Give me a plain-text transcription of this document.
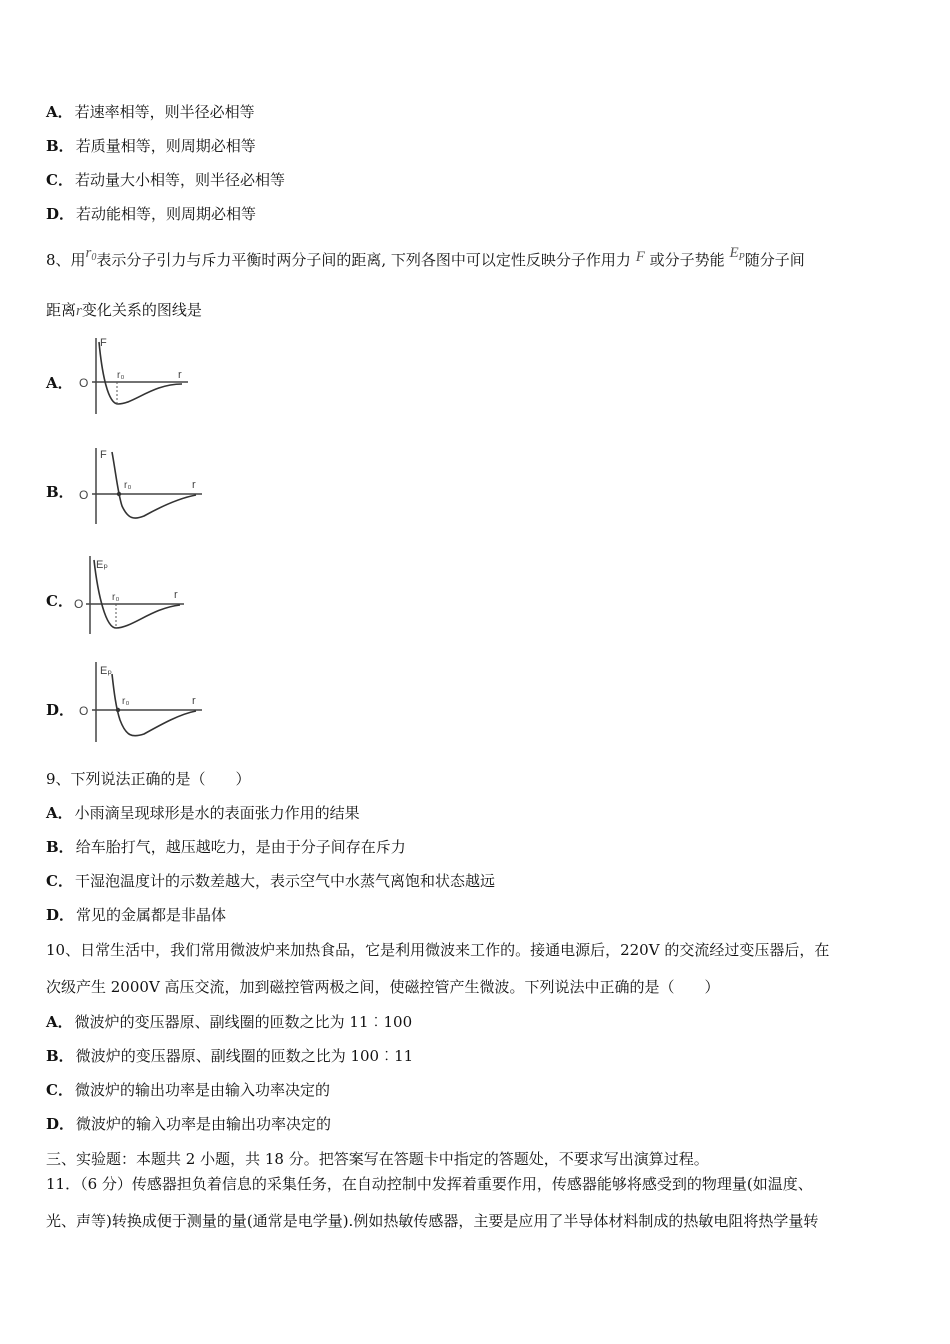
A． 若速率相等，则半径必相等
B． 若质量相等，则周期必相等
C． 若动量大小相等，则半径必相等
D． 若动能相等，则周期必相等
8、用$r_0$表示分子引力与斥力平衡时两分子间的距离, 下列各图中可以定性反映分子作用力 F 或分子势能 $E_P$随分子间
距离r变化关系的图线是
A．
F
O
r₀	r
B．
F
O
r₀	r
C．
Eₚ
O	r₀	r
D．
Eₚ
O
r₀	r
9、下列说法正确的是（　　）
A． 小雨滴呈现球形是水的表面张力作用的结果
B． 给车胎打气，越压越吃力，是由于分子间存在斥力
C． 干湿泡温度计的示数差越大，表示空气中水蒸气离饱和状态越远
D． 常见的金属都是非晶体
10、日常生活中，我们常用微波炉来加热食品，它是利用微波来工作的。接通电源后，220V 的交流经过变压器后，在
次级产生 2000V 高压交流，加到磁控管两极之间，使磁控管产生微波。下列说法中正确的是（　　）
A． 微波炉的变压器原、副线圈的匝数之比为 11︰100
B． 微波炉的变压器原、副线圈的匝数之比为 100︰11
C． 微波炉的输出功率是由输入功率决定的
D． 微波炉的输入功率是由输出功率决定的
三、实验题：本题共 2 小题，共 18 分。把答案写在答题卡中指定的答题处，不要求写出演算过程。
11．（6 分）传感器担负着信息的采集任务，在自动控制中发挥着重要作用，传感器能够将感受到的物理量(如温度、
光、声等)转换成便于测量的量(通常是电学量).例如热敏传感器，主要是应用了半导体材料制成的热敏电阻将热学量转
